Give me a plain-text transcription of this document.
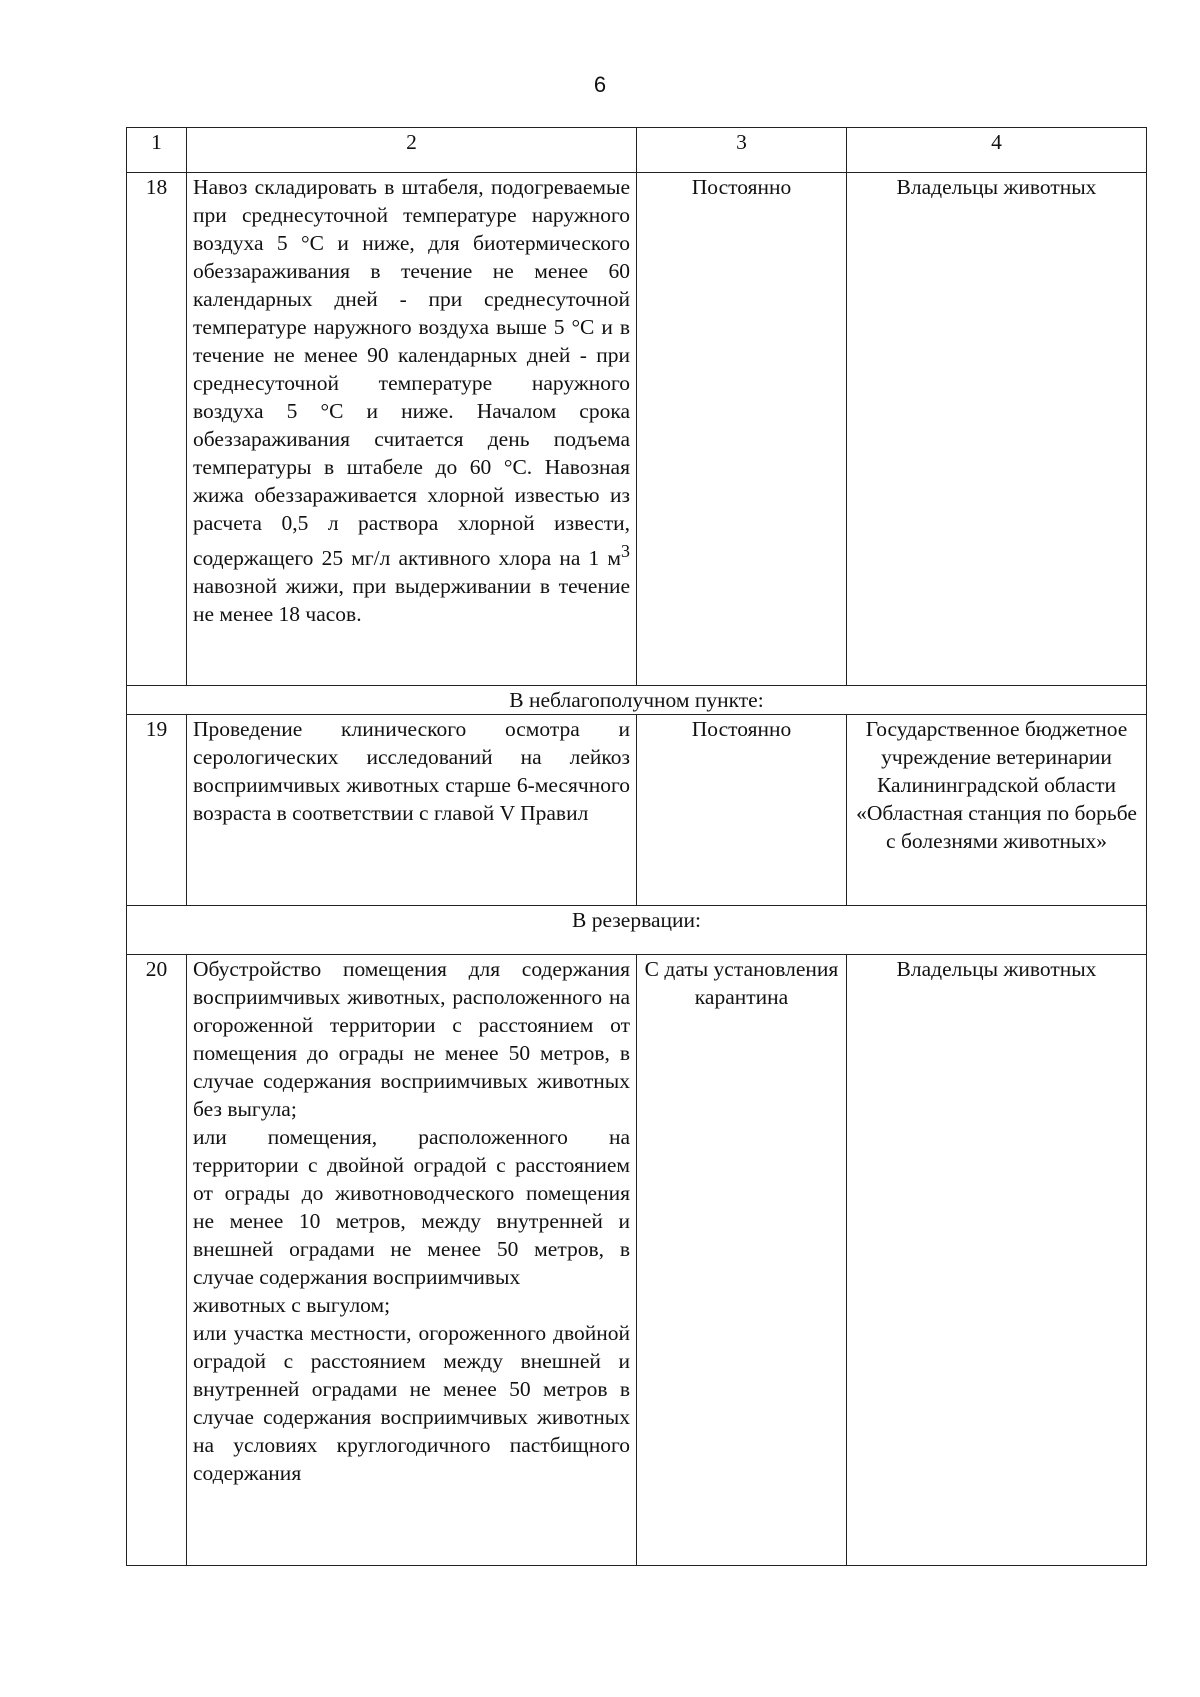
6
1	2	3	4
18	Навоз складировать в штабеля, подогреваемые при среднесуточной температуре наружного воздуха 5 °С и ниже, для биотермического обеззараживания в течение не менее 60 календарных дней - при среднесуточной температуре наружного воздуха выше 5 °С и в течение не менее 90 календарных дней - при среднесуточной температуре наружного воздуха 5 °С и ниже. Началом срока обеззараживания считается день подъема температуры в штабеле до 60 °С. Навозная жижа обеззараживается хлорной известью из расчета 0,5 л раствора хлорной извести, содержащего 25 мг/л активного хлора на 1 $м^3$ навозной жижи, при выдерживании в течение не менее 18 часов.	Постоянно	Владельцы животных
В неблагополучном пункте:			
19	Проведение клинического осмотра и серологических исследований на лейкоз восприимчивых животных старше 6-месячного возраста в соответствии с главой V Правил	Постоянно	Государственное бюджетное учреждение ветеринарии Калининградской области «Областная станция по борьбе с болезнями животных»
В резервации:			
20	Обустройство помещения для содержания восприимчивых животных, расположенного на огороженной территории с расстоянием от помещения до ограды не менее 50 метров, в случае содержания восприимчивых животных без выгула;
или помещения, расположенного на территории с двойной оградой с расстоянием от ограды до животноводческого помещения не менее 10 метров, между внутренней и внешней оградами не менее 50 метров, в случае содержания восприимчивых
животных с выгулом;
или участка местности, огороженного двойной оградой с расстоянием между внешней и внутренней оградами не менее 50 метров в случае содержания восприимчивых животных на условиях круглогодичного пастбищного содержания	С даты установления карантина	Владельцы животных
